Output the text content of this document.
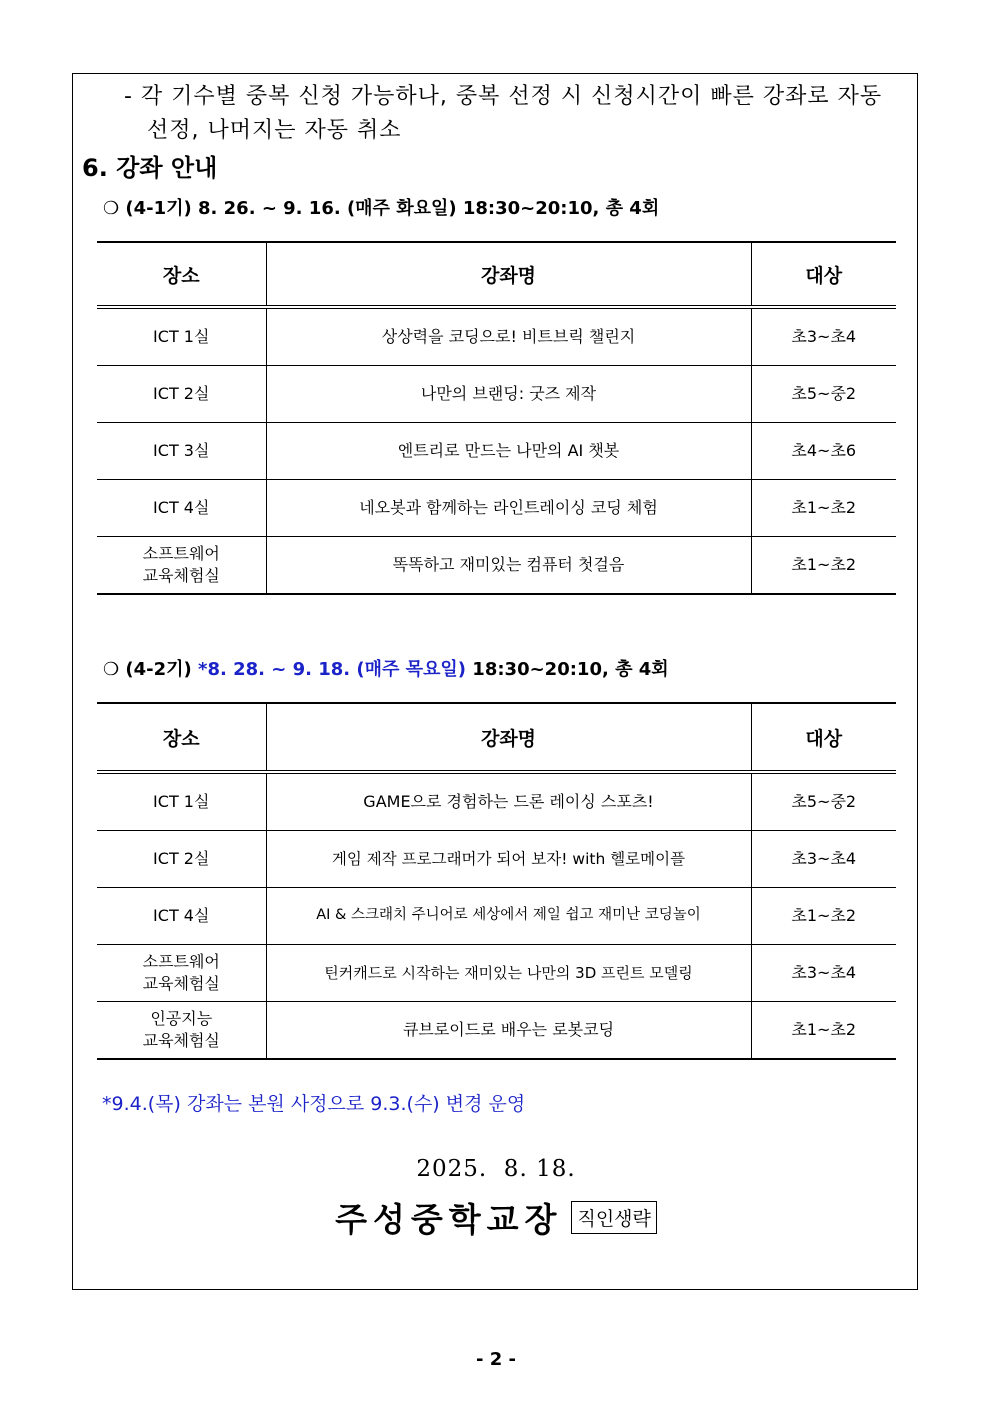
- 각 기수별 중복 신청 가능하나, 중복 선정 시 신청시간이 빠른 강좌로 자동
선정, 나머지는 자동 취소
6. 강좌 안내
❍ (4-1기) 8. 26. ~ 9. 16. (매주 화요일) 18:30~20:10, 총 4회
장소	강좌명	대상
ICT 1실	상상력을 코딩으로! 비트브릭 챌린지	초3~초4
ICT 2실	나만의 브랜딩: 굿즈 제작	초5~중2
ICT 3실	엔트리로 만드는 나만의 AI 챗봇	초4~초6
ICT 4실	네오봇과 함께하는 라인트레이싱 코딩 체험	초1~초2

소프트웨어
교육체험실	똑똑하고 재미있는 컴퓨터 첫걸음	초1~초2
❍ (4-2기) *8. 28. ~ 9. 18. (매주 목요일) 18:30~20:10, 총 4회
장소	강좌명	대상
ICT 1실	GAME으로 경험하는 드론 레이싱 스포츠!	초5~중2
ICT 2실	게임 제작 프로그래머가 되어 보자! with 헬로메이플	초3~초4
ICT 4실	AI & 스크래치 주니어로 세상에서 제일 쉽고 재미난 코딩놀이	초1~초2

소프트웨어
교육체험실	틴커캐드로 시작하는 재미있는 나만의 3D 프린트 모델링	초3~초4

인공지능
교육체험실	큐브로이드로 배우는 로봇코딩	초1~초2
*9.4.(목) 강좌는 본원 사정으로 9.3.(수) 변경 운영
2025.  8. 18.
주성중학교장 직인생략
- 2 -
